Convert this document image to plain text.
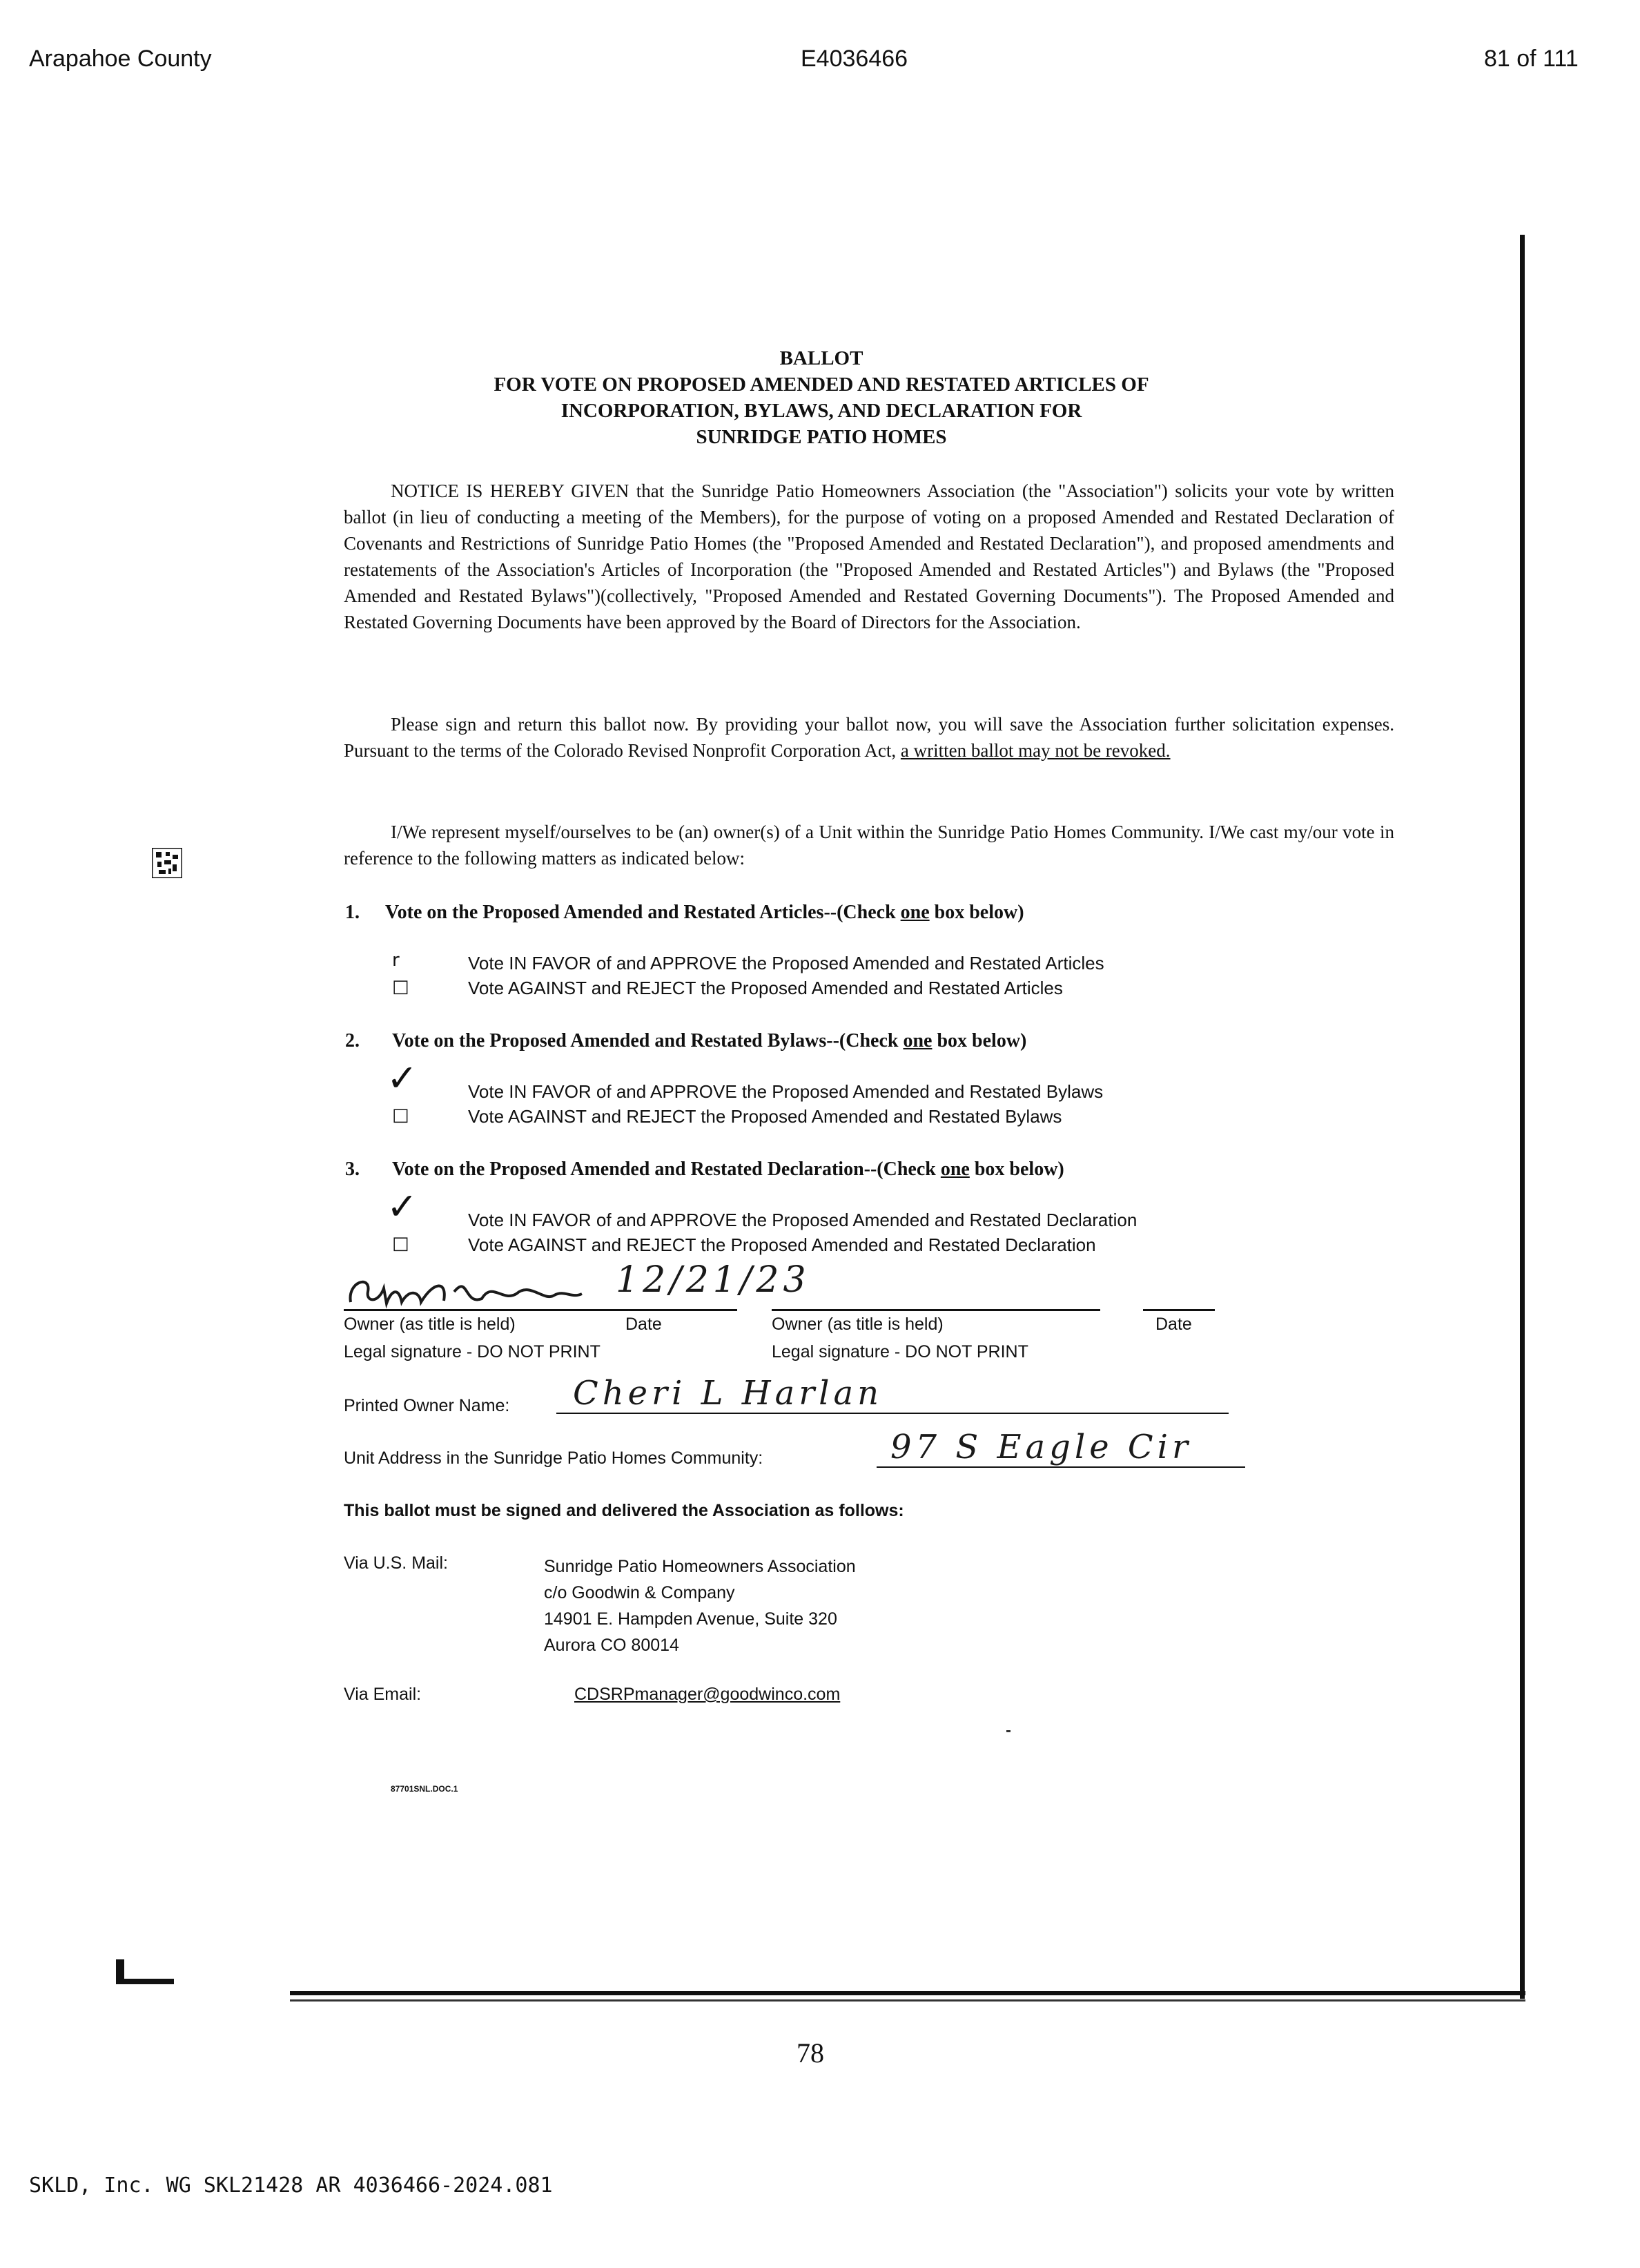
Arapahoe County	E4036466	81 of 111
BALLOT
FOR VOTE ON PROPOSED AMENDED AND RESTATED ARTICLES OF
INCORPORATION, BYLAWS, AND DECLARATION FOR
SUNRIDGE PATIO HOMES
NOTICE IS HEREBY GIVEN that the Sunridge Patio Homeowners Association (the "Association") solicits your vote by written ballot (in lieu of conducting a meeting of the Members), for the purpose of voting on a proposed Amended and Restated Declaration of Covenants and Restrictions of Sunridge Patio Homes (the "Proposed Amended and Restated Declaration"), and proposed amendments and restatements of the Association's Articles of Incorporation (the "Proposed Amended and Restated Articles") and Bylaws (the "Proposed Amended and Restated Bylaws")(collectively, "Proposed Amended and Restated Governing Documents"). The Proposed Amended and Restated Governing Documents have been approved by the Board of Directors for the Association.
Please sign and return this ballot now. By providing your ballot now, you will save the Association further solicitation expenses. Pursuant to the terms of the Colorado Revised Nonprofit Corporation Act, a written ballot may not be revoked.
I/We represent myself/ourselves to be (an) owner(s) of a Unit within the Sunridge Patio Homes Community. I/We cast my/our vote in reference to the following matters as indicated below:
1. Vote on the Proposed Amended and Restated Articles--(Check one box below)
r	Vote IN FAVOR of and APPROVE the Proposed Amended and Restated Articles
□	Vote AGAINST and REJECT the Proposed Amended and Restated Articles
2. Vote on the Proposed Amended and Restated Bylaws--(Check one box below)
✓	Vote IN FAVOR of and APPROVE the Proposed Amended and Restated Bylaws
□	Vote AGAINST and REJECT the Proposed Amended and Restated Bylaws
3. Vote on the Proposed Amended and Restated Declaration--(Check one box below)
✓	Vote IN FAVOR of and APPROVE the Proposed Amended and Restated Declaration
□	Vote AGAINST and REJECT the Proposed Amended and Restated Declaration
12/21/23
Owner (as title is held)	Date	Owner (as title is held)	Date
Legal signature - DO NOT PRINT	Legal signature - DO NOT PRINT
Printed Owner Name: Cheri L Harlan
Unit Address in the Sunridge Patio Homes Community:	97 S Eagle Cir
This ballot must be signed and delivered the Association as follows:
Via U.S. Mail:	Sunridge Patio Homeowners Association
c/o Goodwin & Company
14901 E. Hampden Avenue, Suite 320
Aurora CO 80014
Via Email:	CDSRPmanager@goodwinco.com
87701SNL.DOC.1
78
SKLD, Inc. WG SKL21428 AR 4036466-2024.081
